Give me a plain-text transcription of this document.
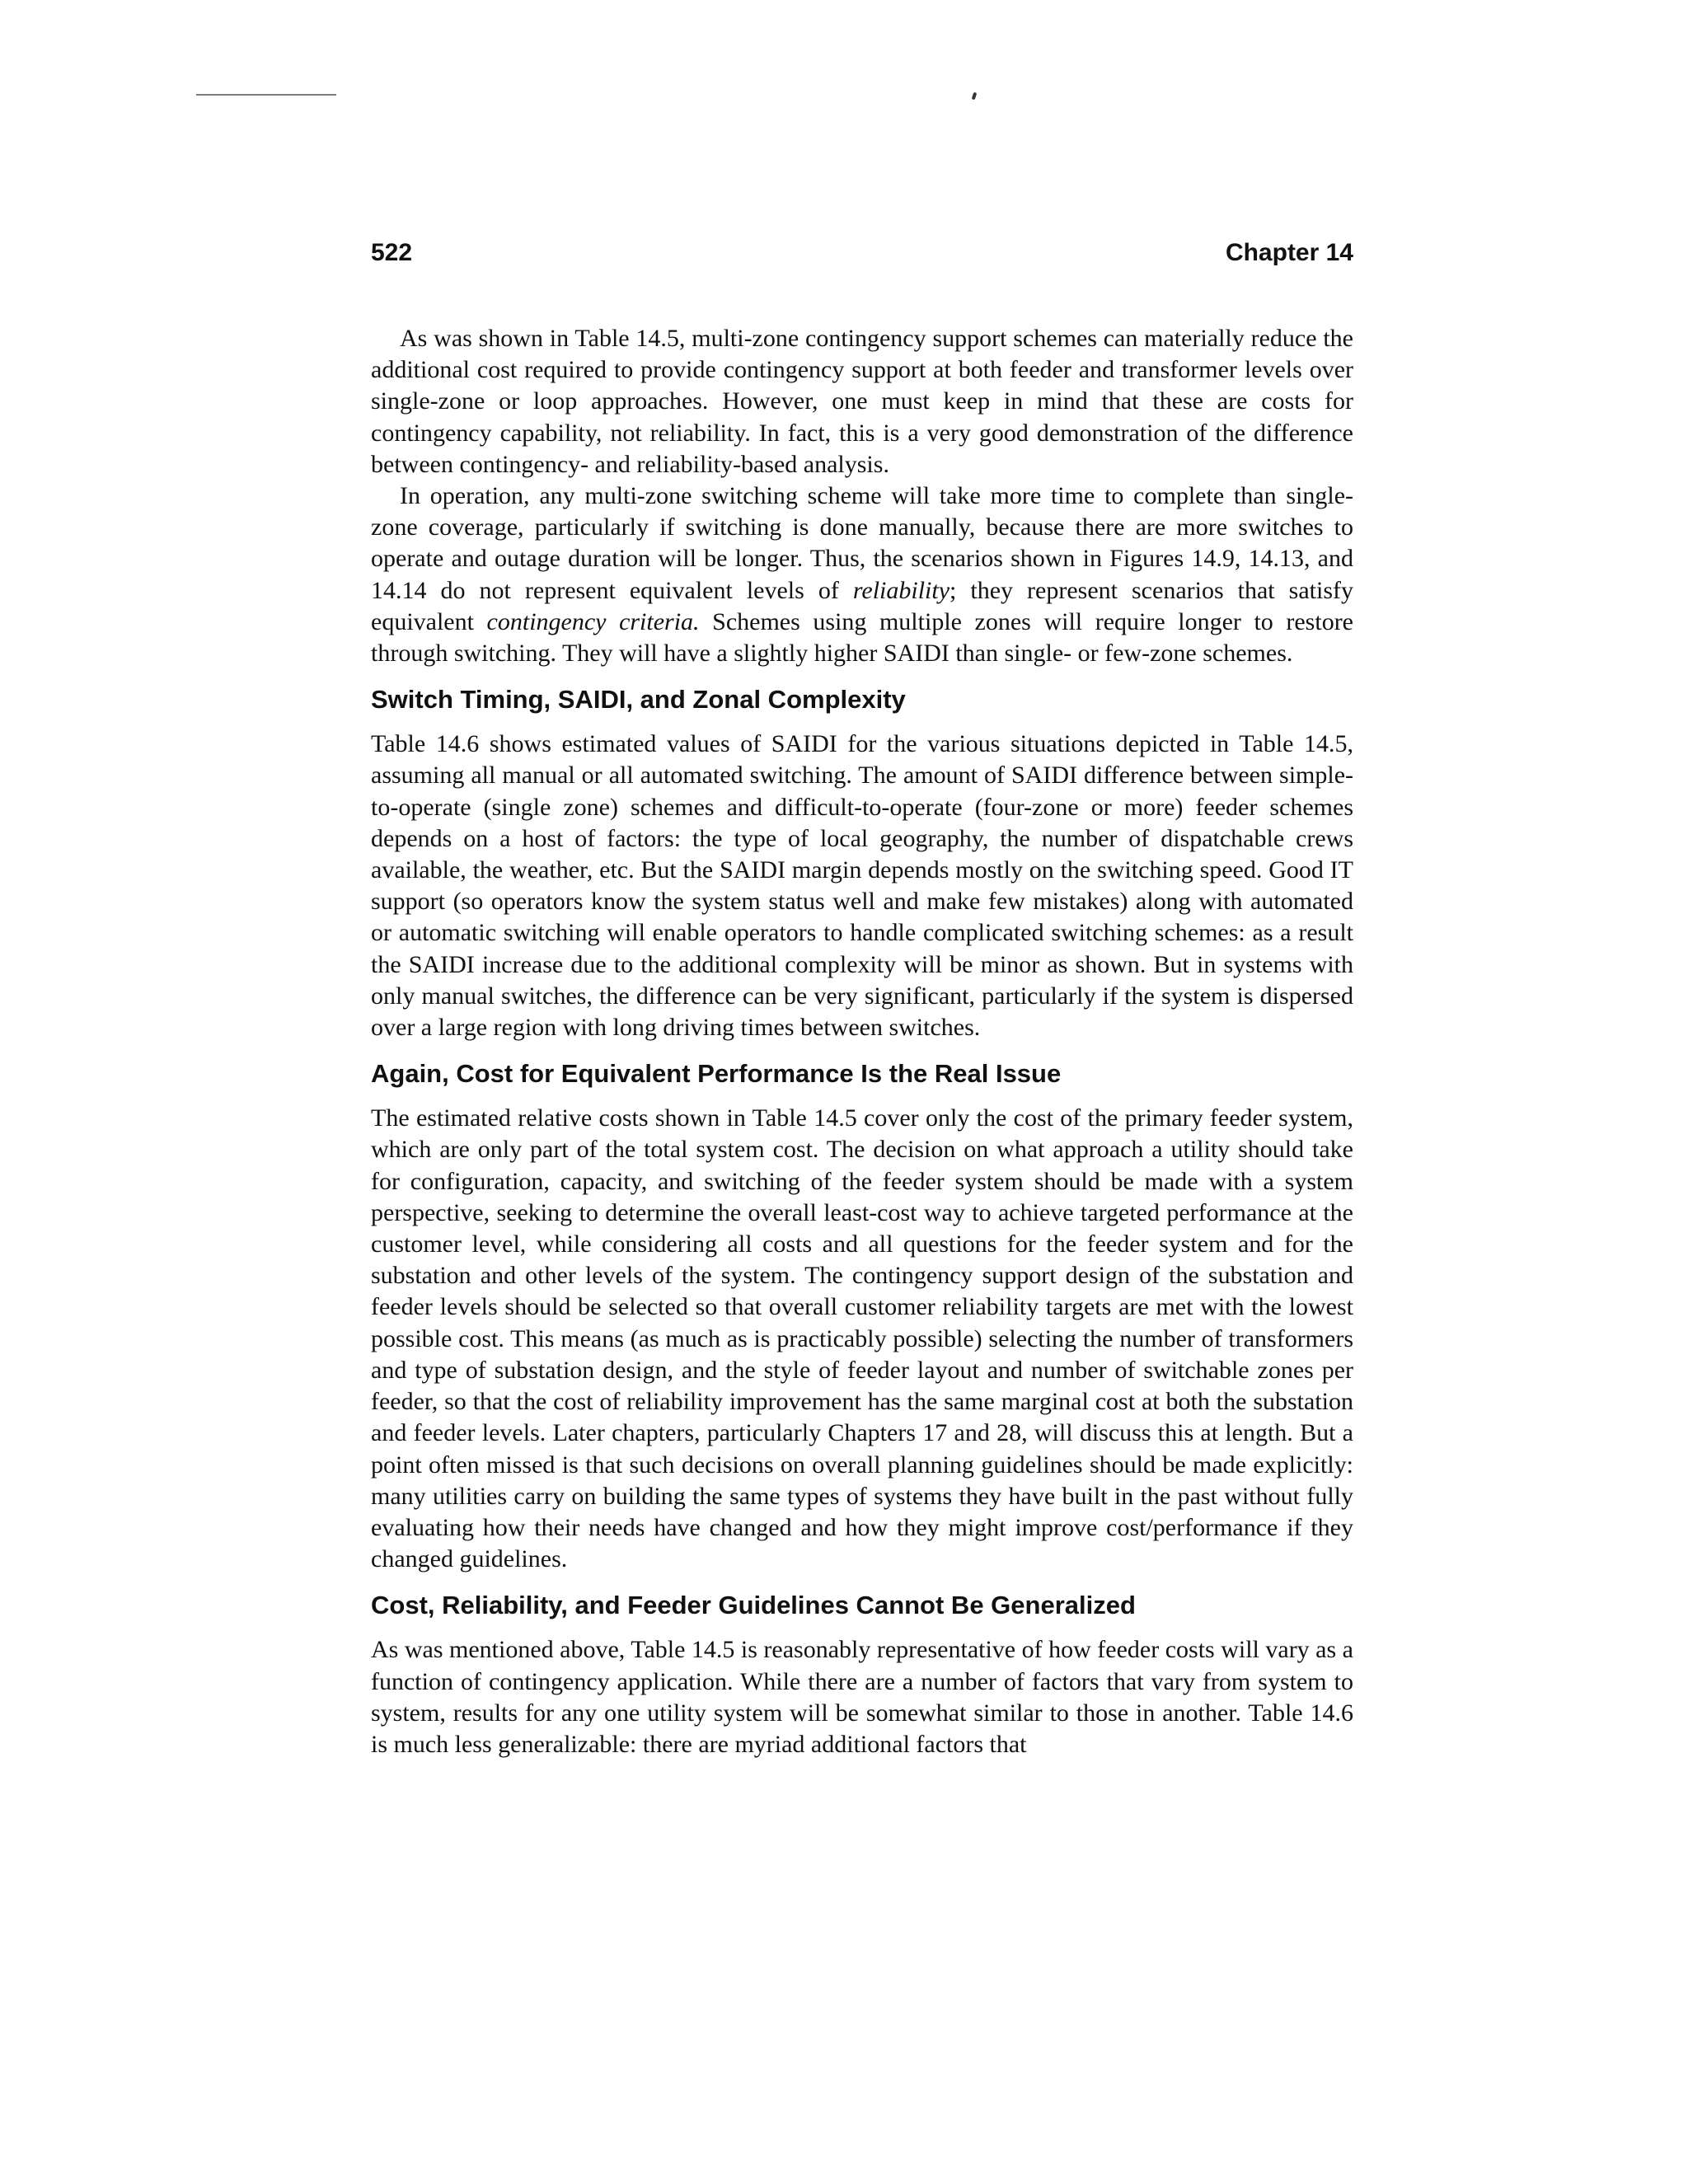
522	Chapter 14

As was shown in Table 14.5, multi-zone contingency support schemes can materially reduce the additional cost required to provide contingency support at both feeder and transformer levels over single-zone or loop approaches. However, one must keep in mind that these are costs for contingency capability, not reliability. In fact, this is a very good demonstration of the difference between contingency- and reliability-based analysis.

In operation, any multi-zone switching scheme will take more time to complete than single-zone coverage, particularly if switching is done manually, because there are more switches to operate and outage duration will be longer. Thus, the scenarios shown in Figures 14.9, 14.13, and 14.14 do not represent equivalent levels of reliability; they represent scenarios that satisfy equivalent contingency criteria. Schemes using multiple zones will require longer to restore through switching. They will have a slightly higher SAIDI than single- or few-zone schemes.

Switch Timing, SAIDI, and Zonal Complexity

Table 14.6 shows estimated values of SAIDI for the various situations depicted in Table 14.5, assuming all manual or all automated switching. The amount of SAIDI difference between simple-to-operate (single zone) schemes and difficult-to-operate (four-zone or more) feeder schemes depends on a host of factors: the type of local geography, the number of dispatchable crews available, the weather, etc. But the SAIDI margin depends mostly on the switching speed. Good IT support (so operators know the system status well and make few mistakes) along with automated or automatic switching will enable operators to handle complicated switching schemes: as a result the SAIDI increase due to the additional complexity will be minor as shown. But in systems with only manual switches, the difference can be very significant, particularly if the system is dispersed over a large region with long driving times between switches.

Again, Cost for Equivalent Performance Is the Real Issue

The estimated relative costs shown in Table 14.5 cover only the cost of the primary feeder system, which are only part of the total system cost. The decision on what approach a utility should take for configuration, capacity, and switching of the feeder system should be made with a system perspective, seeking to determine the overall least-cost way to achieve targeted performance at the customer level, while considering all costs and all questions for the feeder system and for the substation and other levels of the system. The contingency support design of the substation and feeder levels should be selected so that overall customer reliability targets are met with the lowest possible cost. This means (as much as is practicably possible) selecting the number of transformers and type of substation design, and the style of feeder layout and number of switchable zones per feeder, so that the cost of reliability improvement has the same marginal cost at both the substation and feeder levels. Later chapters, particularly Chapters 17 and 28, will discuss this at length. But a point often missed is that such decisions on overall planning guidelines should be made explicitly: many utilities carry on building the same types of systems they have built in the past without fully evaluating how their needs have changed and how they might improve cost/performance if they changed guidelines.

Cost, Reliability, and Feeder Guidelines Cannot Be Generalized

As was mentioned above, Table 14.5 is reasonably representative of how feeder costs will vary as a function of contingency application. While there are a number of factors that vary from system to system, results for any one utility system will be somewhat similar to those in another. Table 14.6 is much less generalizable: there are myriad additional factors that
